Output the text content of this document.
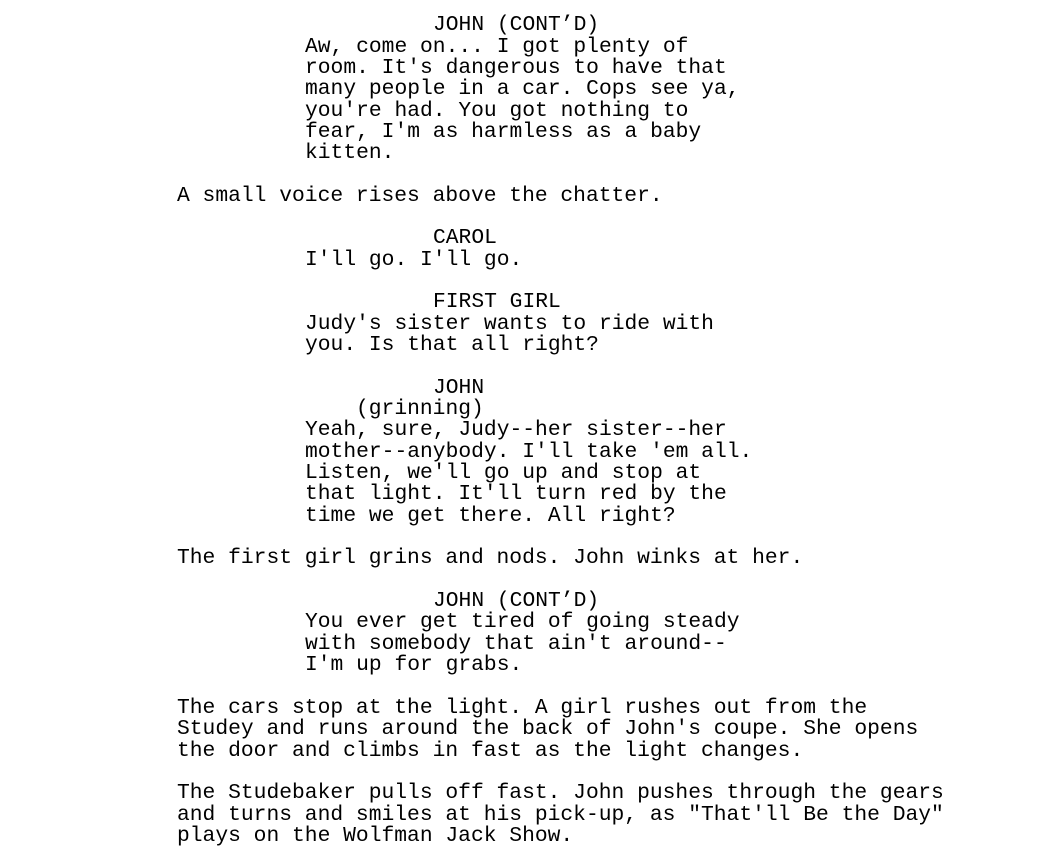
JOHN (CONT’D)
Aw, come on... I got plenty of
room. It's dangerous to have that
many people in a car. Cops see ya,
you're had. You got nothing to
fear, I'm as harmless as a baby
kitten.
A small voice rises above the chatter.
CAROL
I'll go. I'll go.
FIRST GIRL
Judy's sister wants to ride with
you. Is that all right?
JOHN
(grinning)
Yeah, sure, Judy--her sister--her
mother--anybody. I'll take 'em all.
Listen, we'll go up and stop at
that light. It'll turn red by the
time we get there. All right?
The first girl grins and nods. John winks at her.
JOHN (CONT’D)
You ever get tired of going steady
with somebody that ain't around--
I'm up for grabs.
The cars stop at the light. A girl rushes out from the
Studey and runs around the back of John's coupe. She opens
the door and climbs in fast as the light changes.
The Studebaker pulls off fast. John pushes through the gears
and turns and smiles at his pick-up, as "That'll Be the Day"
plays on the Wolfman Jack Show.
